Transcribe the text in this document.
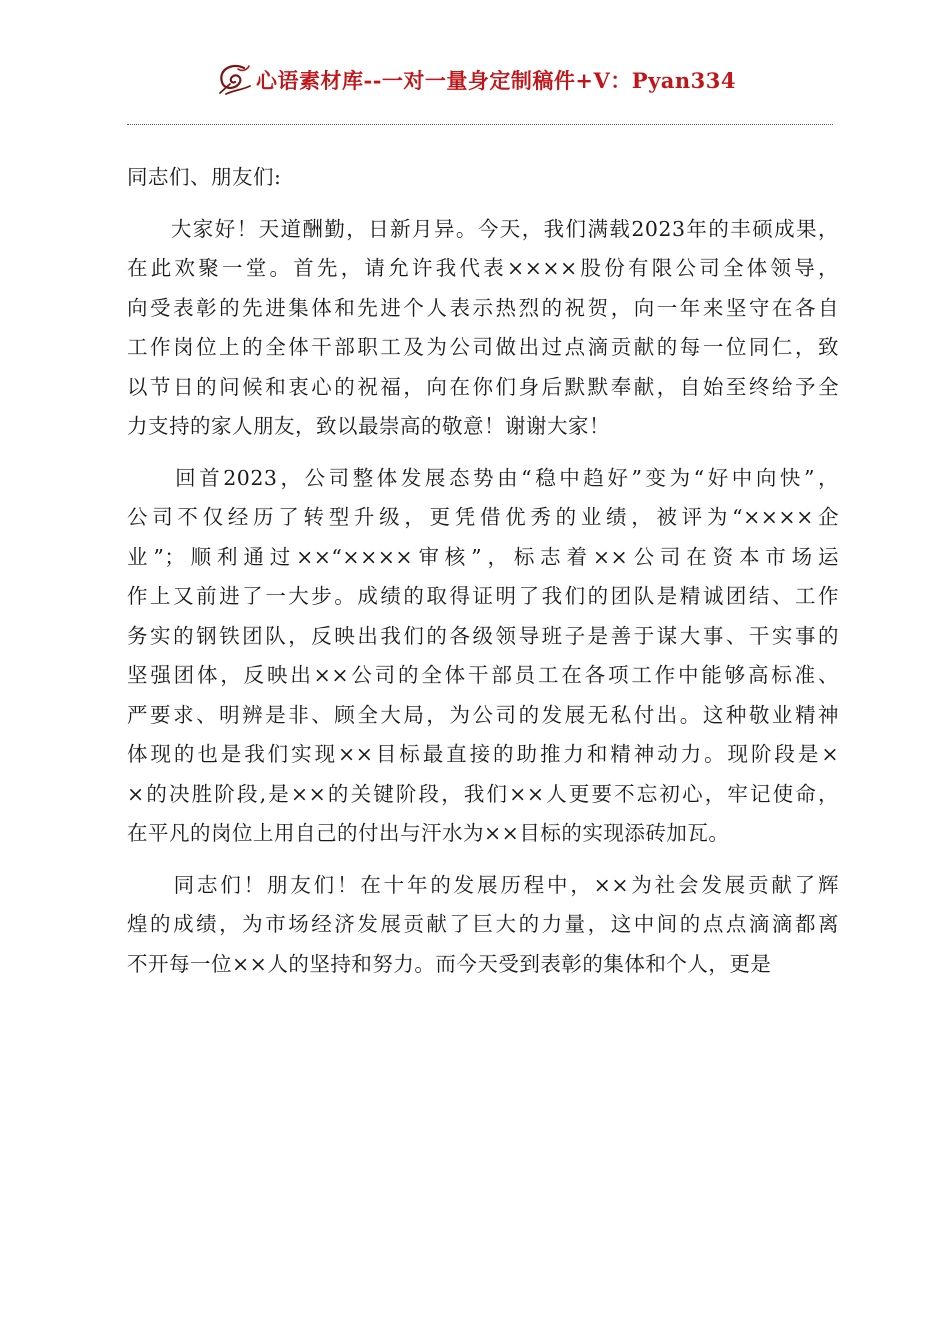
心语素材库--一对一量身定制稿件+V：Pyan334
同志们、朋友们:
　　大家好！天道酬勤，日新月异。今天，我们满载2023年的丰硕成果，
在此欢聚一堂。首先，请允许我代表××××股份有限公司全体领导，
向受表彰的先进集体和先进个人表示热烈的祝贺，向一年来坚守在各自
工作岗位上的全体干部职工及为公司做出过点滴贡献的每一位同仁，致
以节日的问候和衷心的祝福，向在你们身后默默奉献，自始至终给予全
力支持的家人朋友，致以最崇高的敬意！谢谢大家！
　　回首2023，公司整体发展态势由“稳中趋好”变为“好中向快”，
公司不仅经历了转型升级，更凭借优秀的业绩，被评为“××××企
业”；顺利通过××“××××审核”，标志着××公司在资本市场运
作上又前进了一大步。成绩的取得证明了我们的团队是精诚团结、工作
务实的钢铁团队，反映出我们的各级领导班子是善于谋大事、干实事的
坚强团体，反映出××公司的全体干部员工在各项工作中能够高标准、
严要求、明辨是非、顾全大局，为公司的发展无私付出。这种敬业精神
体现的也是我们实现××目标最直接的助推力和精神动力。现阶段是×
×的决胜阶段,是××的关键阶段，我们××人更要不忘初心，牢记使命，
在平凡的岗位上用自己的付出与汗水为××目标的实现添砖加瓦。
　　同志们！朋友们！在十年的发展历程中，××为社会发展贡献了辉
煌的成绩，为市场经济发展贡献了巨大的力量，这中间的点点滴滴都离
不开每一位××人的坚持和努力。而今天受到表彰的集体和个人，更是
